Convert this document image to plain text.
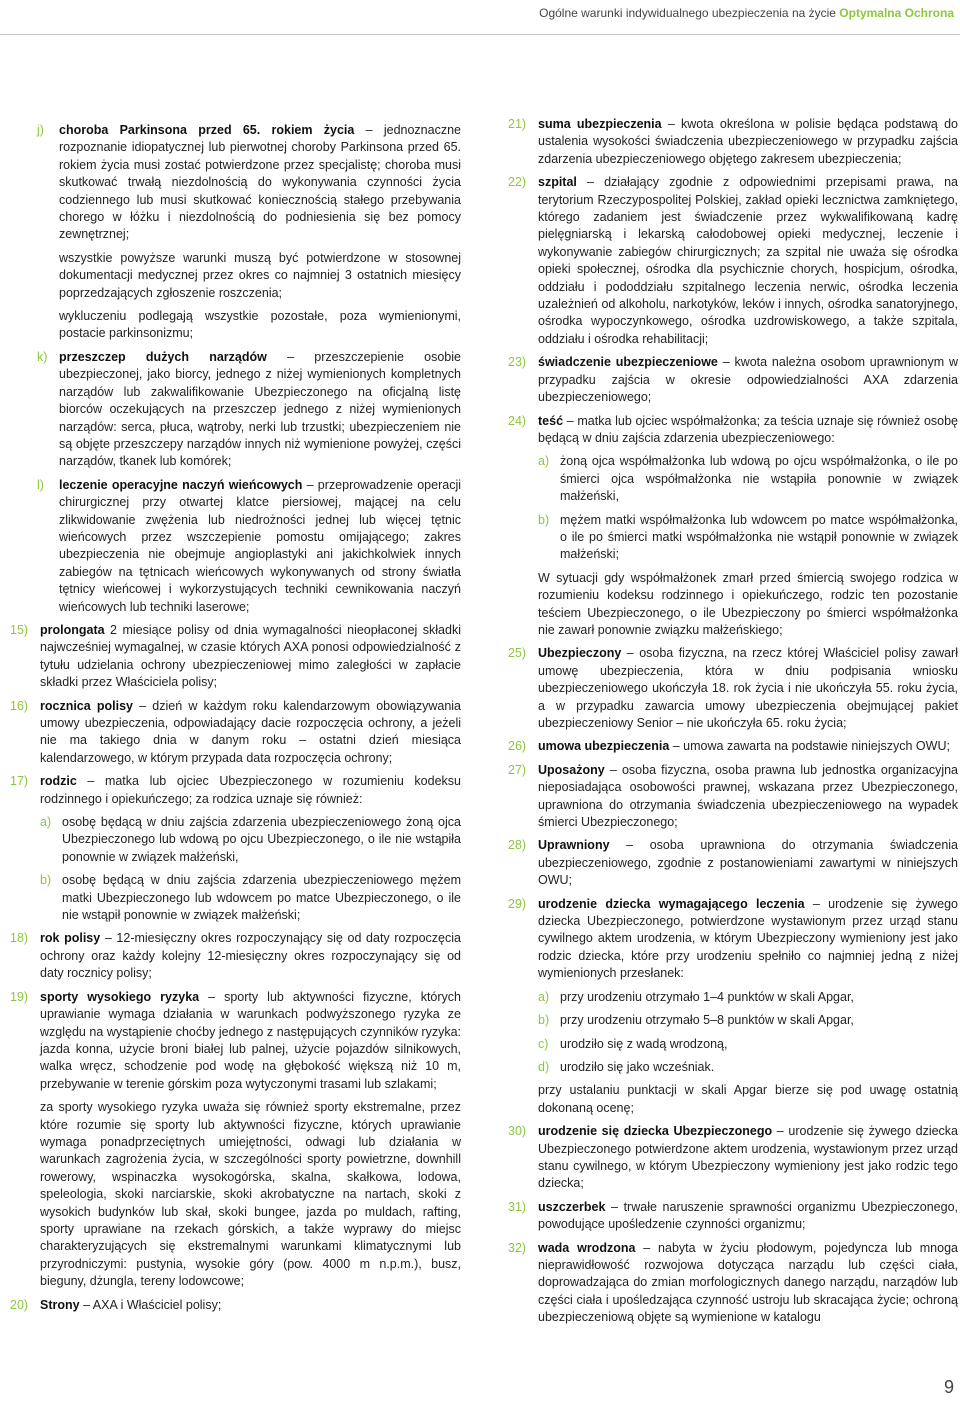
Ogólne warunki indywidualnego ubezpieczenia na życie Optymalna Ochrona
j) choroba Parkinsona przed 65. rokiem życia – jednoznaczne rozpoznanie idiopatycznej lub pierwotnej choroby Parkinsona przed 65. rokiem życia musi zostać potwierdzone przez specjalistę; choroba musi skutkować trwałą niezdolnością do wykonywania czynności życia codziennego lub musi skutkować koniecznością stałego przebywania chorego w łóżku i niezdolnością do podniesienia się bez pomocy zewnętrznej;
wszystkie powyższe warunki muszą być potwierdzone w stosownej dokumentacji medycznej przez okres co najmniej 3 ostatnich miesięcy poprzedzających zgłoszenie roszczenia;
wykluczeniu podlegają wszystkie pozostałe, poza wymienionymi, postacie parkinsonizmu;
k) przeszczep dużych narządów – przeszczepienie osobie ubezpieczonej, jako biorcy, jednego z niżej wymienionych kompletnych narządów lub zakwalifikowanie Ubezpieczonego na oficjalną listę biorców oczekujących na przeszczep jednego z niżej wymienionych narządów: serca, płuca, wątroby, nerki lub trzustki; ubezpieczeniem nie są objęte przeszczepy narządów innych niż wymienione powyżej, części narządów, tkanek lub komórek;
l) leczenie operacyjne naczyń wieńcowych – przeprowadzenie operacji chirurgicznej przy otwartej klatce piersiowej, mającej na celu zlikwidowanie zwężenia lub niedrożności jednej lub więcej tętnic wieńcowych przez wszczepienie pomostu omijającego; zakres ubezpieczenia nie obejmuje angioplastyki ani jakichkolwiek innych zabiegów na tętnicach wieńcowych wykonywanych od strony światła tętnicy wieńcowej i wykorzystujących techniki cewnikowania naczyń wieńcowych lub techniki laserowe;
15) prolongata 2 miesiące polisy od dnia wymagalności nieopłaconej składki najwcześniej wymagalnej, w czasie których AXA ponosi odpowiedzialność z tytułu udzielania ochrony ubezpieczeniowej mimo zaległości w zapłacie składki przez Właściciela polisy;
16) rocznica polisy – dzień w każdym roku kalendarzowym obowiązywania umowy ubezpieczenia, odpowiadający dacie rozpoczęcia ochrony, a jeżeli nie ma takiego dnia w danym roku – ostatni dzień miesiąca kalendarzowego, w którym przypada data rozpoczęcia ochrony;
17) rodzic – matka lub ojciec Ubezpieczonego w rozumieniu kodeksu rodzinnego i opiekuńczego; za rodzica uznaje się również:
a) osobę będącą w dniu zajścia zdarzenia ubezpieczeniowego żoną ojca Ubezpieczonego lub wdową po ojcu Ubezpieczonego, o ile nie wstąpiła ponownie w związek małżeński,
b) osobę będącą w dniu zajścia zdarzenia ubezpieczeniowego mężem matki Ubezpieczonego lub wdowcem po matce Ubezpieczonego, o ile nie wstąpił ponownie w związek małżeński;
18) rok polisy – 12-miesięczny okres rozpoczynający się od daty rozpoczęcia ochrony oraz każdy kolejny 12-miesięczny okres rozpoczynający się od daty rocznicy polisy;
19) sporty wysokiego ryzyka – sporty lub aktywności fizyczne, których uprawianie wymaga działania w warunkach podwyższonego ryzyka ze względu na wystąpienie choćby jednego z następujących czynników ryzyka: jazda konna, użycie broni białej lub palnej, użycie pojazdów silnikowych, walka wręcz, schodzenie pod wodę na głębokość większą niż 10 m, przebywanie w terenie górskim poza wytyczonymi trasami lub szlakami;
za sporty wysokiego ryzyka uważa się również sporty ekstremalne, przez które rozumie się sporty lub aktywności fizyczne, których uprawianie wymaga ponadprzeciętnych umiejętności, odwagi lub działania w warunkach zagrożenia życia, w szczególności sporty powietrzne, downhill rowerowy, wspinaczka wysokogórska, skalna, skałkowa, lodowa, speleologia, skoki narciarskie, skoki akrobatyczne na nartach, skoki z wysokich budynków lub skał, skoki bungee, jazda po muldach, rafting, sporty uprawiane na rzekach górskich, a także wyprawy do miejsc charakteryzujących się ekstremalnymi warunkami klimatycznymi lub przyrodniczymi: pustynia, wysokie góry (pow. 4000 m n.p.m.), busz, bieguny, dżungla, tereny lodowcowe;
20) Strony – AXA i Właściciel polisy;
21) suma ubezpieczenia – kwota określona w polisie będąca podstawą do ustalenia wysokości świadczenia ubezpieczeniowego w przypadku zajścia zdarzenia ubezpieczeniowego objętego zakresem ubezpieczenia;
22) szpital – działający zgodnie z odpowiednimi przepisami prawa, na terytorium Rzeczypospolitej Polskiej, zakład opieki lecznictwa zamkniętego, którego zadaniem jest świadczenie przez wykwalifikowaną kadrę pielęgniarską i lekarską całodobowej opieki medycznej, leczenie i wykonywanie zabiegów chirurgicznych; za szpital nie uważa się ośrodka opieki społecznej, ośrodka dla psychicznie chorych, hospicjum, ośrodka, oddziału i pododdziału szpitalnego leczenia nerwic, ośrodka leczenia uzależnień od alkoholu, narkotyków, leków i innych, ośrodka sanatoryjnego, ośrodka wypoczynkowego, ośrodka uzdrowiskowego, a także szpitala, oddziału i ośrodka rehabilitacji;
23) świadczenie ubezpieczeniowe – kwota należna osobom uprawnionym w przypadku zajścia w okresie odpowiedzialności AXA zdarzenia ubezpieczeniowego;
24) teść – matka lub ojciec współmałżonka; za teścia uznaje się również osobę będącą w dniu zajścia zdarzenia ubezpieczeniowego:
a) żoną ojca współmałżonka lub wdową po ojcu współmałżonka, o ile po śmierci ojca współmałżonka nie wstąpiła ponownie w związek małżeński,
b) mężem matki współmałżonka lub wdowcem po matce współmałżonka, o ile po śmierci matki współmałżonka nie wstąpił ponownie w związek małżeński;
W sytuacji gdy współmałżonek zmarł przed śmiercią swojego rodzica w rozumieniu kodeksu rodzinnego i opiekuńczego, rodzic ten pozostanie teściem Ubezpieczonego, o ile Ubezpieczony po śmierci współmałżonka nie zawarł ponownie związku małżeńskiego;
25) Ubezpieczony – osoba fizyczna, na rzecz której Właściciel polisy zawarł umowę ubezpieczenia, która w dniu podpisania wniosku ubezpieczeniowego ukończyła 18. rok życia i nie ukończyła 55. roku życia, a w przypadku zawarcia umowy ubezpieczenia obejmującej pakiet ubezpieczeniowy Senior – nie ukończyła 65. roku życia;
26) umowa ubezpieczenia – umowa zawarta na podstawie niniejszych OWU;
27) Uposażony – osoba fizyczna, osoba prawna lub jednostka organizacyjna nieposiadająca osobowości prawnej, wskazana przez Ubezpieczonego, uprawniona do otrzymania świadczenia ubezpieczeniowego na wypadek śmierci Ubezpieczonego;
28) Uprawniony – osoba uprawniona do otrzymania świadczenia ubezpieczeniowego, zgodnie z postanowieniami zawartymi w niniejszych OWU;
29) urodzenie dziecka wymagającego leczenia – urodzenie się żywego dziecka Ubezpieczonego, potwierdzone wystawionym przez urząd stanu cywilnego aktem urodzenia, w którym Ubezpieczony wymieniony jest jako rodzic dziecka, które przy urodzeniu spełniło co najmniej jedną z niżej wymienionych przesłanek:
a) przy urodzeniu otrzymało 1–4 punktów w skali Apgar,
b) przy urodzeniu otrzymało 5–8 punktów w skali Apgar,
c) urodziło się z wadą wrodzoną,
d) urodziło się jako wcześniak.
przy ustalaniu punktacji w skali Apgar bierze się pod uwagę ostatnią dokonaną ocenę;
30) urodzenie się dziecka Ubezpieczonego – urodzenie się żywego dziecka Ubezpieczonego potwierdzone aktem urodzenia, wystawionym przez urząd stanu cywilnego, w którym Ubezpieczony wymieniony jest jako rodzic tego dziecka;
31) uszczerbek – trwałe naruszenie sprawności organizmu Ubezpieczonego, powodujące upośledzenie czynności organizmu;
32) wada wrodzona – nabyta w życiu płodowym, pojedyncza lub mnoga nieprawidłowość rozwojowa dotycząca narządu lub części ciała, doprowadzająca do zmian morfologicznych danego narządu, narządów lub części ciała i upośledzająca czynność ustroju lub skracająca życie; ochroną ubezpieczeniową objęte są wymienione w katalogu
9
